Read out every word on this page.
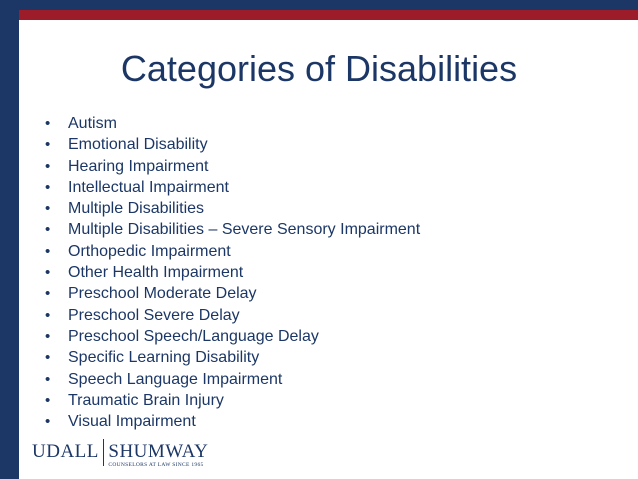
Categories of Disabilities
•	Autism
•	Emotional Disability
•	Hearing Impairment
•	Intellectual Impairment
•	Multiple Disabilities
•	Multiple Disabilities – Severe Sensory Impairment
•	Orthopedic Impairment
•	Other Health Impairment
•	Preschool Moderate Delay
•	Preschool Severe Delay
•	Preschool Speech/Language Delay
•	Specific Learning Disability
•	Speech Language Impairment
•	Traumatic Brain Injury
•	Visual Impairment
UDALL SHUMWAY
COUNSELORS AT LAW SINCE 1965
